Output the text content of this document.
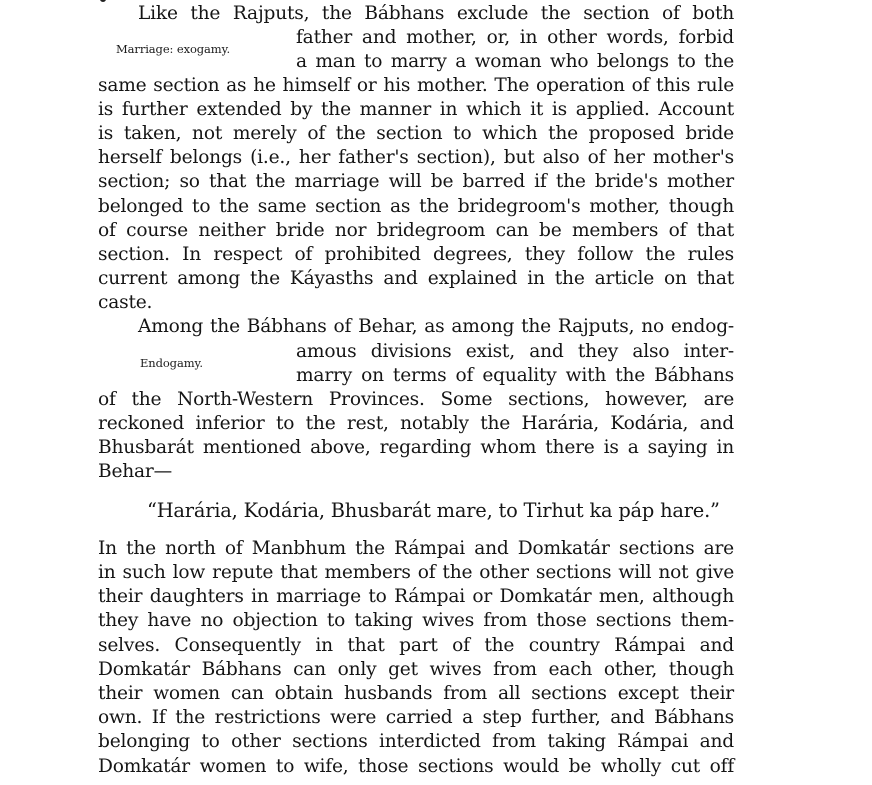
Like the Rajputs, the Bábhans exclude the section of both
father and mother, or, in other words, forbid
Marriage: exogamy.
a man to marry a woman who belongs to the
same section as he himself or his mother. The operation of this rule
is further extended by the manner in which it is applied. Account
is taken, not merely of the section to which the proposed bride
herself belongs (i.e., her father's section), but also of her mother's
section; so that the marriage will be barred if the bride's mother
belonged to the same section as the bridegroom's mother, though
of course neither bride nor bridegroom can be members of that
section. In respect of prohibited degrees, they follow the rules
current among the Káyasths and explained in the article on that
caste.
Among the Bábhans of Behar, as among the Rajputs, no endog-
amous divisions exist, and they also inter-
Endogamy.
marry on terms of equality with the Bábhans
of the North-Western Provinces. Some sections, however, are
reckoned inferior to the rest, notably the Harária, Kodária, and
Bhusbarát mentioned above, regarding whom there is a saying in
Behar—
“Harária, Kodária, Bhusbarát mare, to Tirhut ka páp hare.”
In the north of Manbhum the Rámpai and Domkatár sections are
in such low repute that members of the other sections will not give
their daughters in marriage to Rámpai or Domkatár men, although
they have no objection to taking wives from those sections them-
selves. Consequently in that part of the country Rámpai and
Domkatár Bábhans can only get wives from each other, though
their women can obtain husbands from all sections except their
own. If the restrictions were carried a step further, and Bábhans
belonging to other sections interdicted from taking Rámpai and
Domkatár women to wife, those sections would be wholly cut off
